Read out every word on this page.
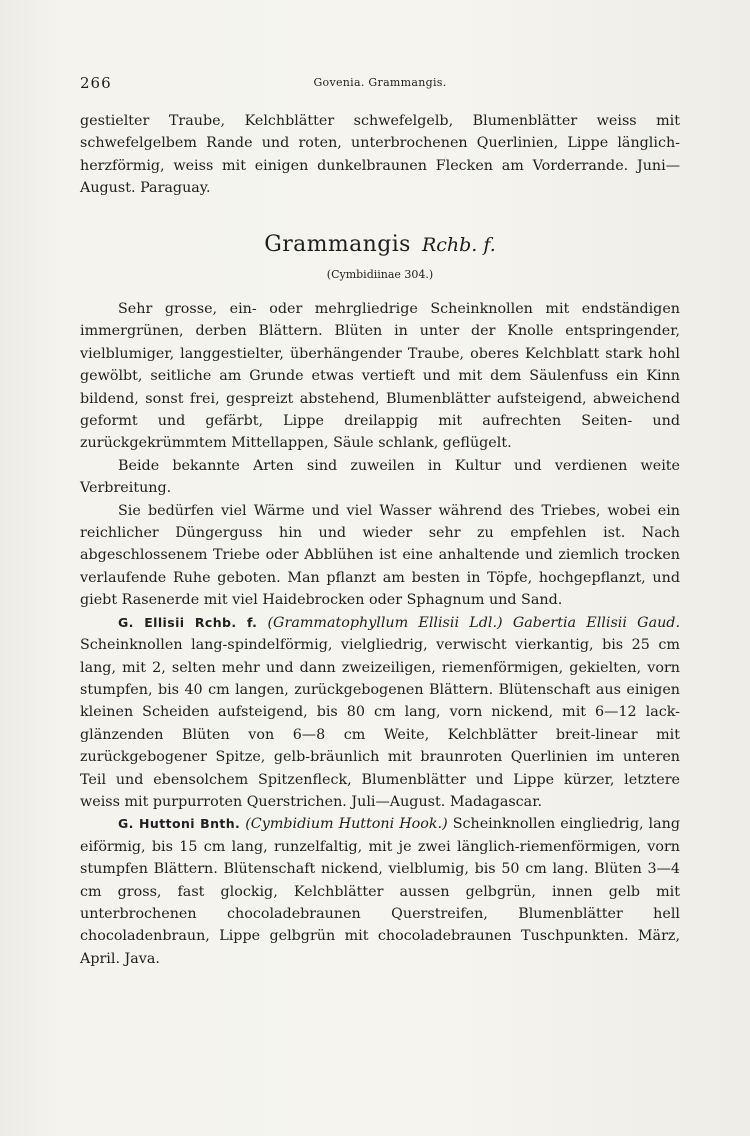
266	Govenia. Grammangis.

gestielter Traube, Kelchblätter schwefelgelb, Blumenblätter weiss mit schwefelgelbem Rande und roten, unterbrochenen Querlinien, Lippe länglich-herzförmig, weiss mit einigen dunkelbraunen Flecken am Vorderrande. Juni—August. Paraguay.

Grammangis Rchb. f.
(Cymbidiinae 304.)

Sehr grosse, ein- oder mehrgliedrige Scheinknollen mit endständigen immergrünen, derben Blättern. Blüten in unter der Knolle entspringender, vielblumiger, langgestielter, überhängender Traube, oberes Kelchblatt stark hohl gewölbt, seitliche am Grunde etwas vertieft und mit dem Säulenfuss ein Kinn bildend, sonst frei, gespreizt abstehend, Blumenblätter aufsteigend, abweichend geformt und gefärbt, Lippe dreilappig mit aufrechten Seiten- und zurückgekrümmtem Mittellappen, Säule schlank, geflügelt.

Beide bekannte Arten sind zuweilen in Kultur und verdienen weite Verbreitung.

Sie bedürfen viel Wärme und viel Wasser während des Triebes, wobei ein reichlicher Düngerguss hin und wieder sehr zu empfehlen ist. Nach abgeschlossenem Triebe oder Abblühen ist eine anhaltende und ziemlich trocken verlaufende Ruhe geboten. Man pflanzt am besten in Töpfe, hochgepflanzt, und giebt Rasenerde mit viel Haidebrocken oder Sphagnum und Sand.

G. Ellisii Rchb. f. (Grammatophyllum Ellisii Ldl.) Gabertia Ellisii Gaud. Scheinknollen lang-spindelförmig, vielgliedrig, verwischt vierkantig, bis 25 cm lang, mit 2, selten mehr und dann zweizeiligen, riemenförmigen, gekielten, vorn stumpfen, bis 40 cm langen, zurückgebogenen Blättern. Blütenschaft aus einigen kleinen Scheiden aufsteigend, bis 80 cm lang, vorn nickend, mit 6—12 lack-glänzenden Blüten von 6—8 cm Weite, Kelchblätter breit-linear mit zurückgebogener Spitze, gelb-bräunlich mit braunroten Querlinien im unteren Teil und ebensolchem Spitzenfleck, Blumenblätter und Lippe kürzer, letztere weiss mit purpurroten Querstrichen. Juli—August. Madagascar.

G. Huttoni Bnth. (Cymbidium Huttoni Hook.) Scheinknollen eingliedrig, lang eiförmig, bis 15 cm lang, runzelfaltig, mit je zwei länglich-riemenförmigen, vorn stumpfen Blättern. Blütenschaft nickend, vielblumig, bis 50 cm lang. Blüten 3—4 cm gross, fast glockig, Kelchblätter aussen gelbgrün, innen gelb mit unterbrochenen chocoladebraunen Querstreifen, Blumenblätter hell chocoladenbraun, Lippe gelbgrün mit chocoladebraunen Tuschpunkten. März, April. Java.
